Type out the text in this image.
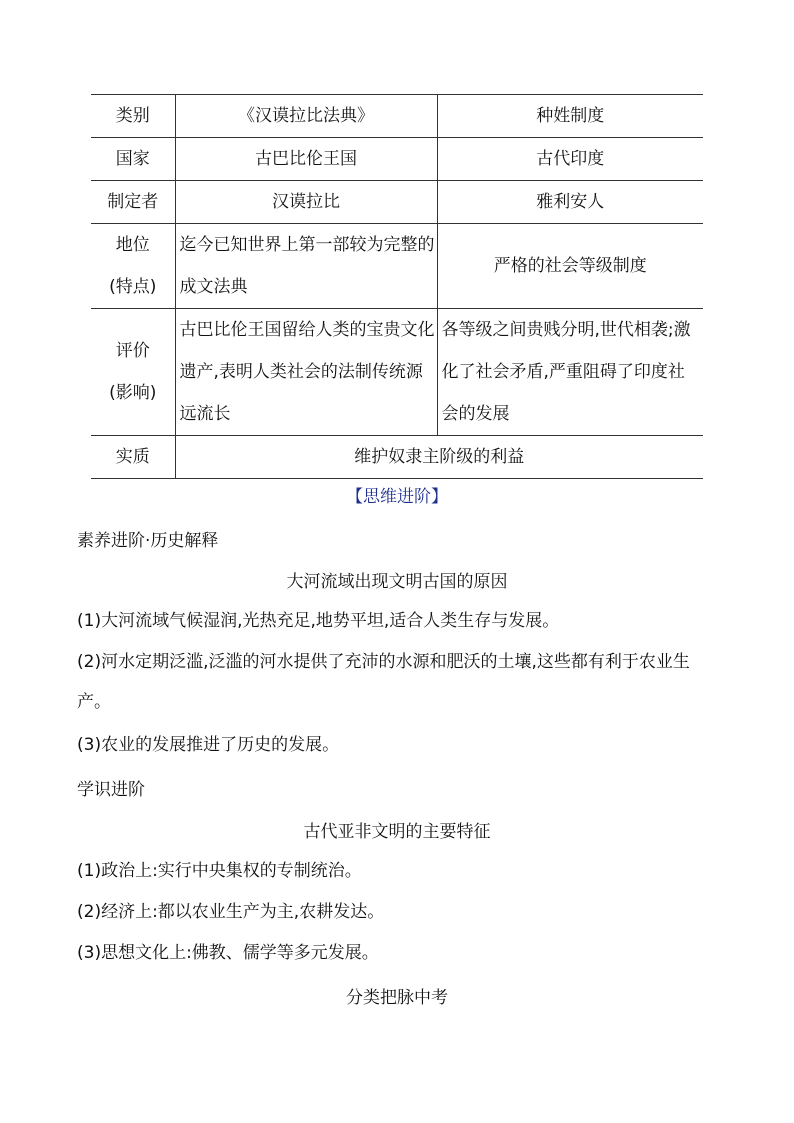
类别	《汉谟拉比法典》	种姓制度
国家	古巴比伦王国	古代印度
制定者	汉谟拉比	雅利安人
地位
(特点)	迄今已知世界上第一部较为完整的成文法典	严格的社会等级制度
评价
(影响)	古巴比伦王国留给人类的宝贵文化遗产,表明人类社会的法制传统源远流长	各等级之间贵贱分明,世代相袭;激化了社会矛盾,严重阻碍了印度社会的发展
实质	维护奴隶主阶级的利益	
【思维进阶】
素养进阶·历史解释
大河流域出现文明古国的原因
(1)大河流域气候湿润,光热充足,地势平坦,适合人类生存与发展。
(2)河水定期泛滥,泛滥的河水提供了充沛的水源和肥沃的土壤,这些都有利于农业生产。
(3)农业的发展推进了历史的发展。
学识进阶
古代亚非文明的主要特征
(1)政治上:实行中央集权的专制统治。
(2)经济上:都以农业生产为主,农耕发达。
(3)思想文化上:佛教、儒学等多元发展。
分类把脉中考
